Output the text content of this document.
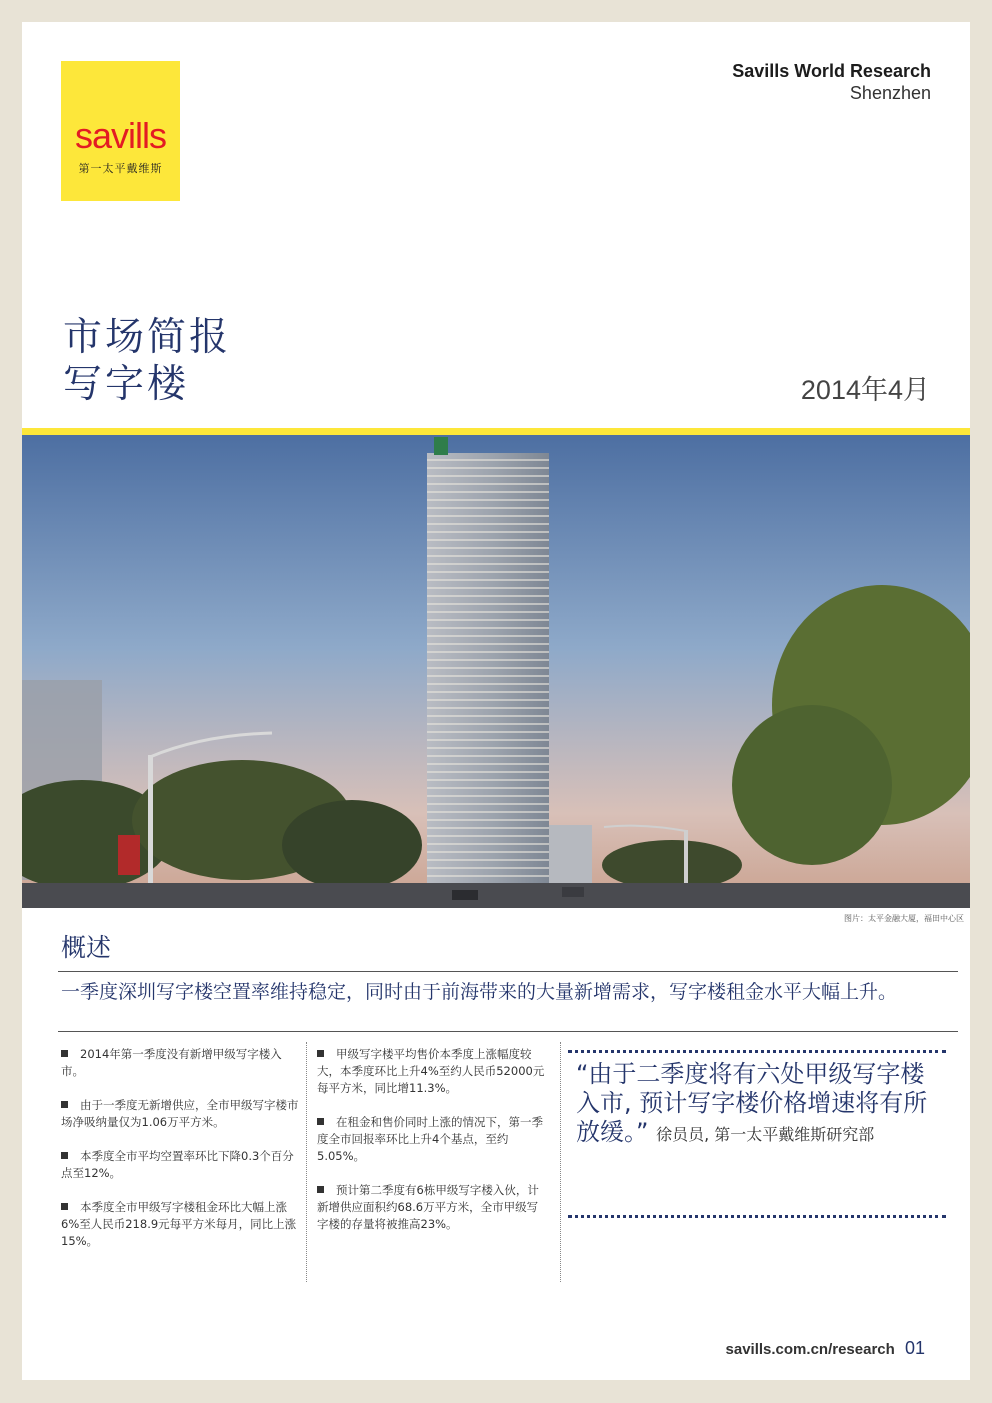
savills
第一太平戴维斯
Savills World Research
Shenzhen
市场简报
写字楼	2014年4月
图片：太平金融大厦，福田中心区
概述
一季度深圳写字楼空置率维持稳定，同时由于前海带来的大量新增需求，写字楼租金水平大幅上升。
2014年第一季度没有新增甲级写字楼入市。
由于一季度无新增供应，全市甲级写字楼市场净吸纳量仅为1.06万平方米。
本季度全市平均空置率环比下降0.3个百分点至12%。
本季度全市甲级写字楼租金环比大幅上涨6%至人民币218.9元每平方米每月，同比上涨15%。
甲级写字楼平均售价本季度上涨幅度较大，本季度环比上升4%至约人民币52000元每平方米，同比增11.3%。
在租金和售价同时上涨的情况下，第一季度全市回报率环比上升4个基点，至约5.05%。
预计第二季度有6栋甲级写字楼入伙，计新增供应面积约68.6万平方米，全市甲级写字楼的存量将被推高23%。
“由于二季度将有六处甲级写字楼入市, 预计写字楼价格增速将有所放缓。” 徐员员, 第一太平戴维斯研究部
savills.com.cn/research 01
